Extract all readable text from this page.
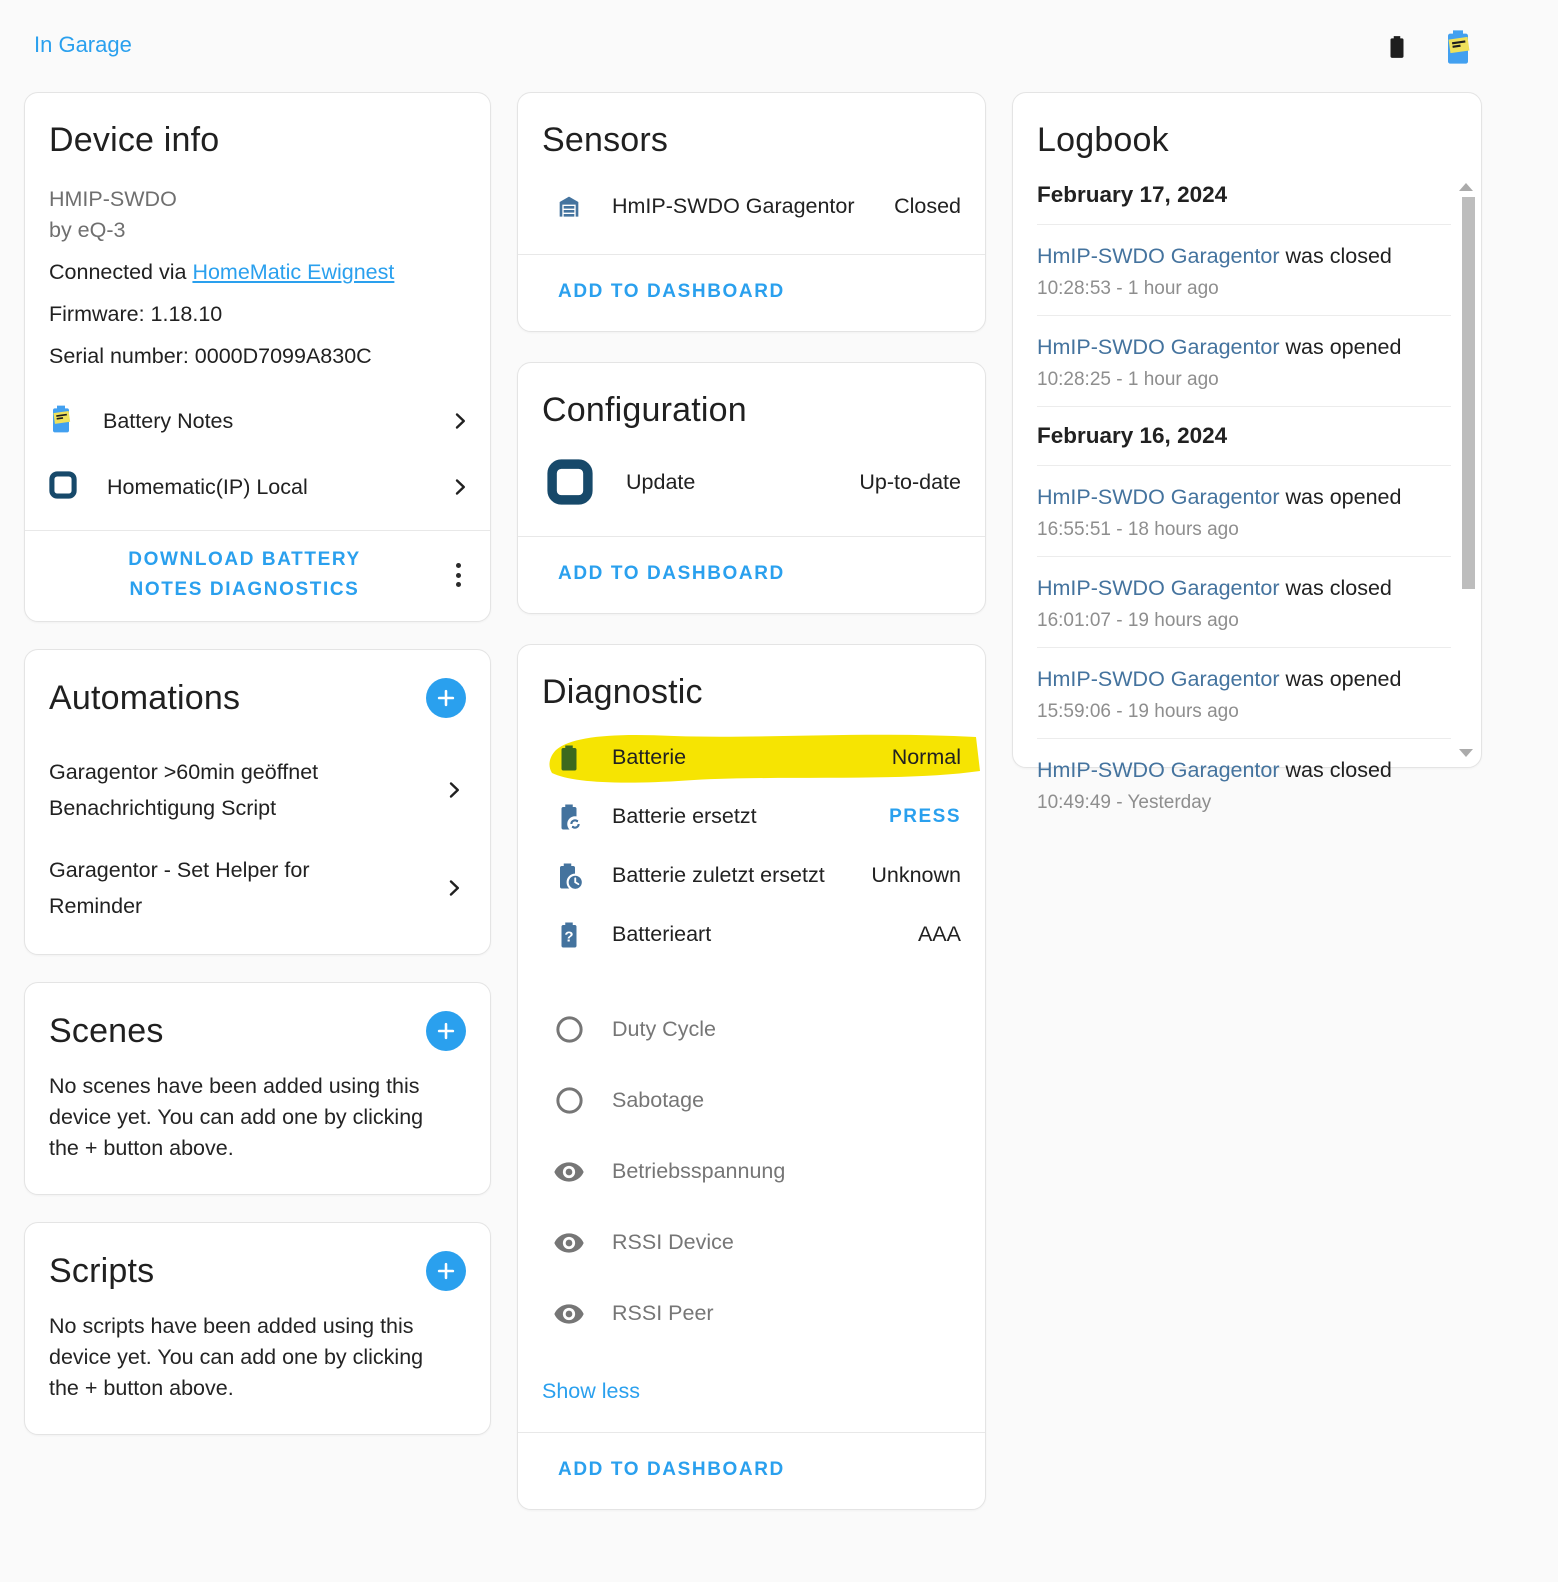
In Garage
Device info
HMIP-SWDO
by eQ-3
Connected via HomeMatic Ewignest
Firmware: 1.18.10
Serial number: 0000D7099A830C
Battery Notes
Homematic(IP) Local
DOWNLOAD BATTERY NOTES DIAGNOSTICS
Automations
Garagentor >60min geöffnet Benachrichtigung Script
Garagentor - Set Helper for Reminder
Scenes

No scenes have been added using this device yet. You can add one by clicking the + button above.

Scripts

No scripts have been added using this device yet. You can add one by clicking the + button above.

Sensors
HmIP-SWDO Garagentor Closed
ADD TO DASHBOARD
Configuration
Update	Up-to-date
ADD TO DASHBOARD
Diagnostic
Batterie	Normal
Batterie ersetzt	PRESS
Batterie zuletzt ersetzt Unknown
? Batterieart	AAA
Duty Cycle
Sabotage
Betriebsspannung
RSSI Device
RSSI Peer
Show less
ADD TO DASHBOARD
Logbook
February 17, 2024
HmIP-SWDO Garagentor was closed
10:28:53 - 1 hour ago
HmIP-SWDO Garagentor was opened
10:28:25 - 1 hour ago
February 16, 2024
HmIP-SWDO Garagentor was opened
16:55:51 - 18 hours ago
HmIP-SWDO Garagentor was closed
16:01:07 - 19 hours ago
HmIP-SWDO Garagentor was opened
15:59:06 - 19 hours ago
HmIP-SWDO Garagentor was closed
10:49:49 - Yesterday
